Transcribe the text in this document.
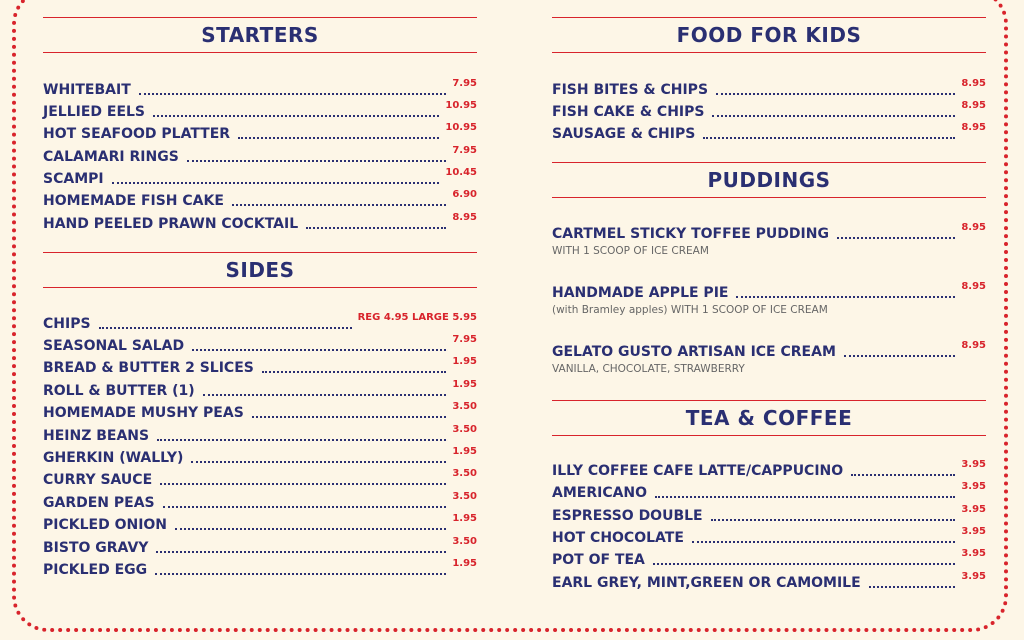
STARTERS
WHITEBAIT	7.95
JELLIED EELS	10.95
HOT SEAFOOD PLATTER	10.95
CALAMARI RINGS	7.95
SCAMPI	10.45
HOMEMADE FISH CAKE	6.90
HAND PEELED PRAWN COCKTAIL	8.95
SIDES
CHIPS	REG 4.95 LARGE 5.95
SEASONAL SALAD	7.95
BREAD & BUTTER 2 SLICES	1.95
ROLL & BUTTER (1)	1.95
HOMEMADE MUSHY PEAS	3.50
HEINZ BEANS	3.50
GHERKIN (WALLY)	1.95
CURRY SAUCE	3.50
GARDEN PEAS	3.50
PICKLED ONION	1.95
BISTO GRAVY	3.50
PICKLED EGG	1.95
FOOD FOR KIDS
FISH BITES & CHIPS	8.95
FISH CAKE & CHIPS	8.95
SAUSAGE & CHIPS	8.95
PUDDINGS
CARTMEL STICKY TOFFEE PUDDING	8.95
WITH 1 SCOOP OF ICE CREAM
HANDMADE APPLE PIE	8.95
(with Bramley apples) WITH 1 SCOOP OF ICE CREAM
GELATO GUSTO ARTISAN ICE CREAM	8.95
VANILLA, CHOCOLATE, STRAWBERRY
TEA & COFFEE
ILLY COFFEE CAFE LATTE/CAPPUCINO	3.95
AMERICANO	3.95
ESPRESSO DOUBLE	3.95
HOT CHOCOLATE	3.95
POT OF TEA	3.95
EARL GREY, MINT,GREEN OR CAMOMILE	3.95
